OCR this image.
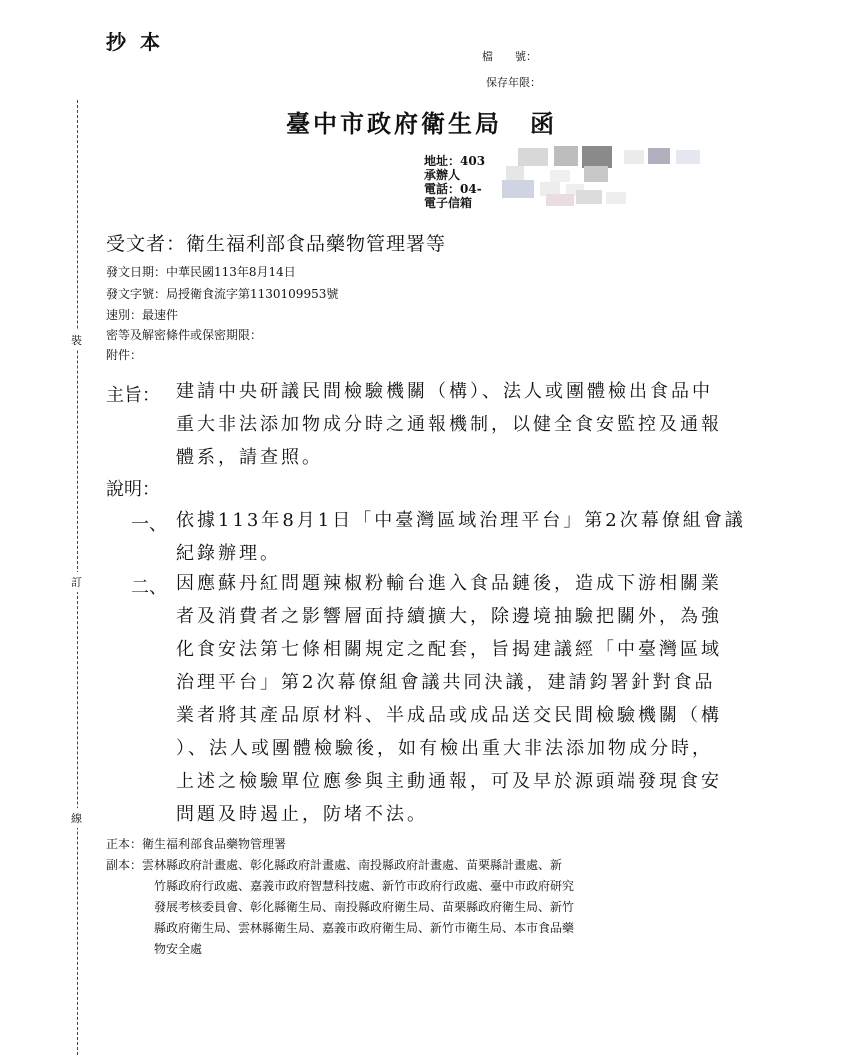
抄本
檔　　號：
保存年限：
裝
訂
線
臺中市政府衛生局 函
地址：403
承辦人
電話：04-
電子信箱
受文者：衛生福利部食品藥物管理署等
發文日期：中華民國113年8月14日
發文字號：局授衛食流字第1130109953號
速別：最速件
密等及解密條件或保密期限：
附件：
主旨： 建請中央研議民間檢驗機關（構）、法人或團體檢出食品中
重大非法添加物成分時之通報機制，以健全食安監控及通報
體系，請查照。
說明：
一、 依據113年8月1日「中臺灣區域治理平台」第2次幕僚組會議
紀錄辦理。
二、 因應蘇丹紅問題辣椒粉輸台進入食品鏈後，造成下游相關業
者及消費者之影響層面持續擴大，除邊境抽驗把關外，為強
化食安法第七條相關規定之配套，旨揭建議經「中臺灣區域
治理平台」第2次幕僚組會議共同決議，建請鈞署針對食品
業者將其產品原材料、半成品或成品送交民間檢驗機關（構
）、法人或團體檢驗後，如有檢出重大非法添加物成分時，
上述之檢驗單位應參與主動通報，可及早於源頭端發現食安
問題及時遏止，防堵不法。
正本：衛生福利部食品藥物管理署
副本：雲林縣政府計畫處、彰化縣政府計畫處、南投縣政府計畫處、苗栗縣計畫處、新
竹縣政府行政處、嘉義市政府智慧科技處、新竹市政府行政處、臺中市政府研究
發展考核委員會、彰化縣衛生局、南投縣政府衛生局、苗栗縣政府衛生局、新竹
縣政府衛生局、雲林縣衛生局、嘉義市政府衛生局、新竹市衛生局、本市食品藥
物安全處
